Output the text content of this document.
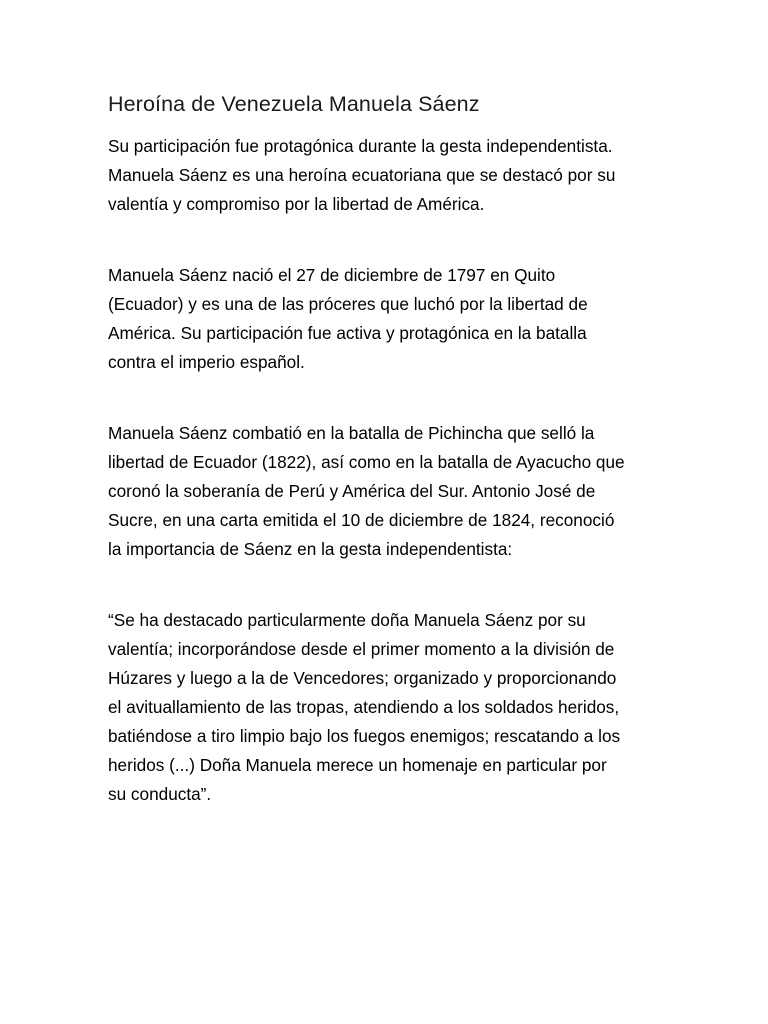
Heroína de Venezuela Manuela Sáenz

Su participación fue protagónica durante la gesta independentista.
Manuela Sáenz es una heroína ecuatoriana que se destacó por su
valentía y compromiso por la libertad de América.

Manuela Sáenz nació el 27 de diciembre de 1797 en Quito
(Ecuador) y es una de las próceres que luchó por la libertad de
América. Su participación fue activa y protagónica en la batalla
contra el imperio español.

Manuela Sáenz combatió en la batalla de Pichincha que selló la
libertad de Ecuador (1822), así como en la batalla de Ayacucho que
coronó la soberanía de Perú y América del Sur. Antonio José de
Sucre, en una carta emitida el 10 de diciembre de 1824, reconoció
la importancia de Sáenz en la gesta independentista:

“Se ha destacado particularmente doña Manuela Sáenz por su
valentía; incorporándose desde el primer momento a la división de
Húzares y luego a la de Vencedores; organizado y proporcionando
el avituallamiento de las tropas, atendiendo a los soldados heridos,
batiéndose a tiro limpio bajo los fuegos enemigos; rescatando a los
heridos (...) Doña Manuela merece un homenaje en particular por
su conducta”.
